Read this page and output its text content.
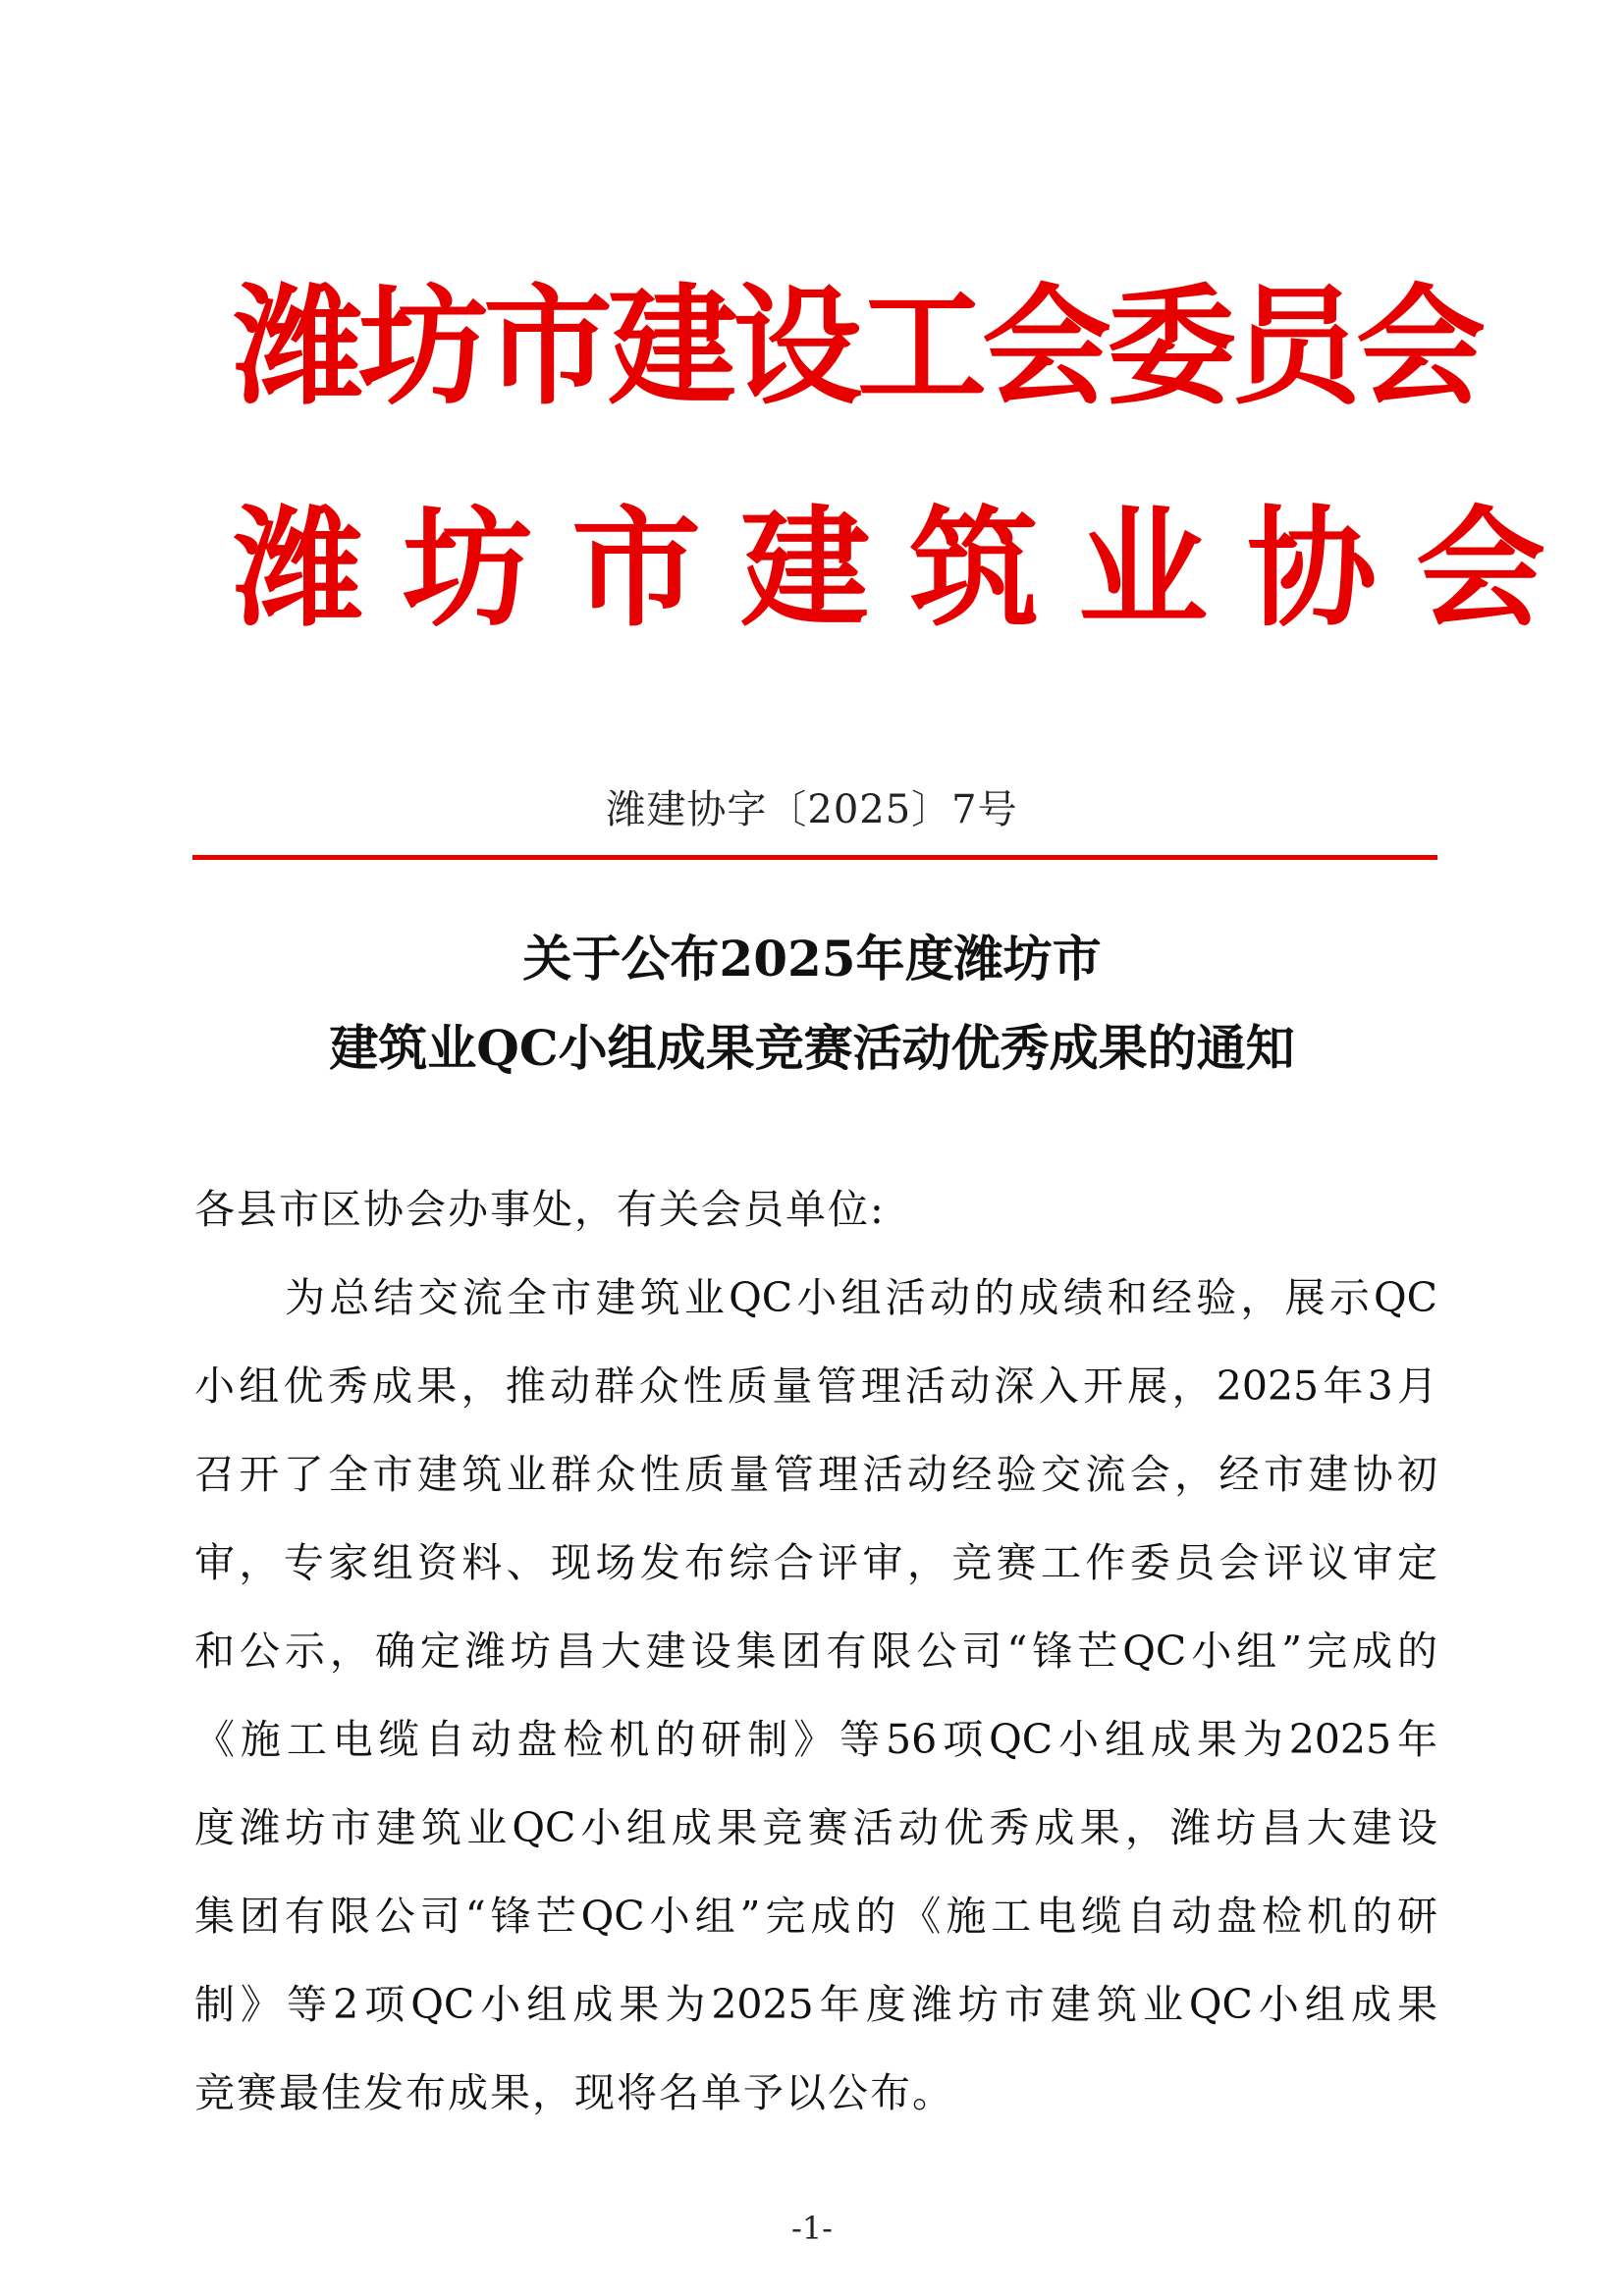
潍坊市建设工会委员会
潍坊市建筑业协会
潍建协字〔2025〕7号
关于公布2025年度潍坊市
建筑业QC小组成果竞赛活动优秀成果的通知
各县市区协会办事处，有关会员单位:
为总结交流全市建筑业QC小组活动的成绩和经验，展示QC
小组优秀成果，推动群众性质量管理活动深入开展，2025年3月
召开了全市建筑业群众性质量管理活动经验交流会，经市建协初
审，专家组资料、现场发布综合评审，竞赛工作委员会评议审定
和公示，确定潍坊昌大建设集团有限公司“锋芒QC小组”完成的
《施工电缆自动盘检机的研制》等56项QC小组成果为2025年
度潍坊市建筑业QC小组成果竞赛活动优秀成果，潍坊昌大建设
集团有限公司“锋芒QC小组”完成的《施工电缆自动盘检机的研
制》等2项QC小组成果为2025年度潍坊市建筑业QC小组成果
竞赛最佳发布成果，现将名单予以公布。
-1-
